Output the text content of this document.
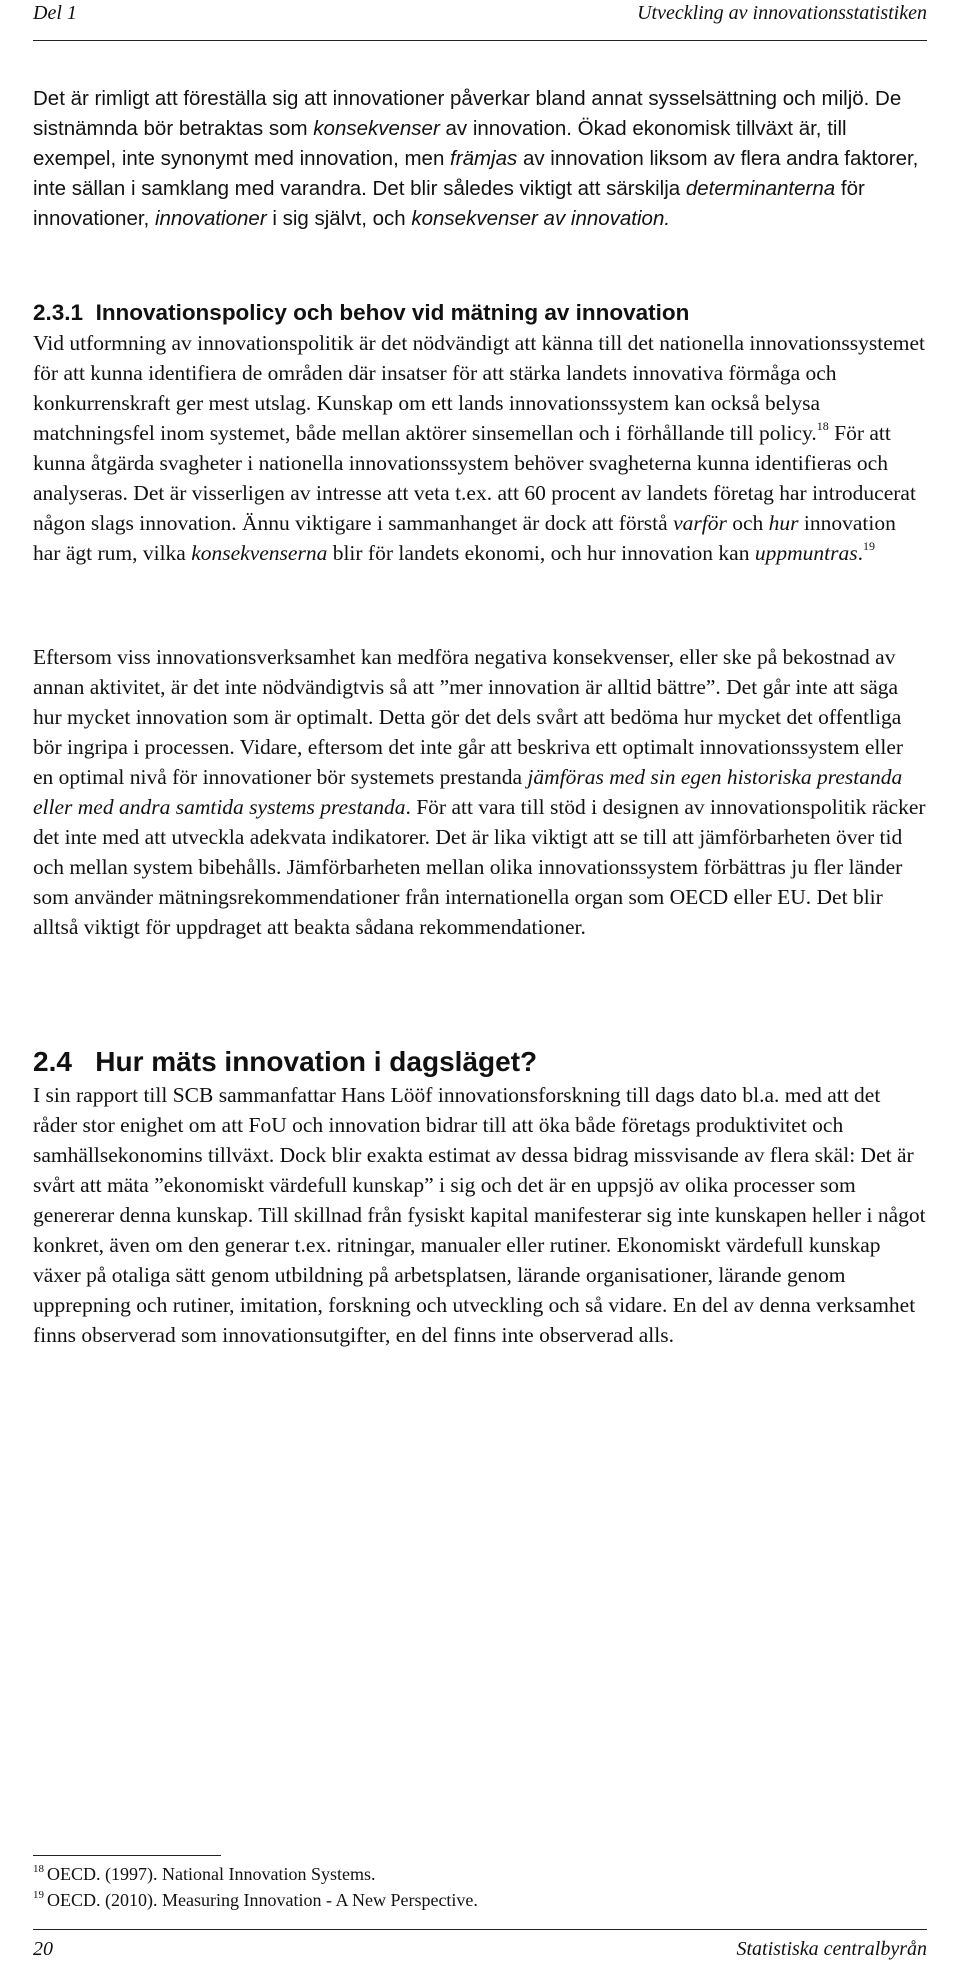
Del 1	Utveckling av innovationsstatistiken

Det är rimligt att föreställa sig att innovationer påverkar bland annat sysselsättning och miljö. De sistnämnda bör betraktas som konsekvenser av innovation. Ökad ekonomisk tillväxt är, till exempel, inte synonymt med innovation, men främjas av innovation liksom av flera andra faktorer, inte sällan i samklang med varandra. Det blir således viktigt att särskilja determinanterna för innovationer, innovationer i sig självt, och konsekvenser av innovation.

2.3.1 Innovationspolicy och behov vid mätning av innovation

Vid utformning av innovationspolitik är det nödvändigt att känna till det nationella innovationssystemet för att kunna identifiera de områden där insatser för att stärka landets innovativa förmåga och konkurrenskraft ger mest utslag. Kunskap om ett lands innovationssystem kan också belysa matchningsfel inom systemet, både mellan aktörer sinsemellan och i förhållande till policy.$^{18}$ För att kunna åtgärda svagheter i nationella innovationssystem behöver svagheterna kunna identifieras och analyseras. Det är visserligen av intresse att veta t.ex. att 60 procent av landets företag har introducerat någon slags innovation. Ännu viktigare i sammanhanget är dock att förstå varför och hur innovation har ägt rum, vilka konsekvenserna blir för landets ekonomi, och hur innovation kan uppmuntras.$^{19}$

Eftersom viss innovationsverksamhet kan medföra negativa konsekvenser, eller ske på bekostnad av annan aktivitet, är det inte nödvändigtvis så att ”mer innovation är alltid bättre”. Det går inte att säga hur mycket innovation som är optimalt. Detta gör det dels svårt att bedöma hur mycket det offentliga bör ingripa i processen. Vidare, eftersom det inte går att beskriva ett optimalt innovationssystem eller en optimal nivå för innovationer bör systemets prestanda jämföras med sin egen historiska prestanda eller med andra samtida systems prestanda. För att vara till stöd i designen av innovationspolitik räcker det inte med att utveckla adekvata indikatorer. Det är lika viktigt att se till att jämförbarheten över tid och mellan system bibehålls. Jämförbarheten mellan olika innovationssystem förbättras ju fler länder som använder mätningsrekommendationer från internationella organ som OECD eller EU. Det blir alltså viktigt för uppdraget att beakta sådana rekommendationer.

2.4 Hur mäts innovation i dagsläget?

I sin rapport till SCB sammanfattar Hans Lööf innovationsforskning till dags dato bl.a. med att det råder stor enighet om att FoU och innovation bidrar till att öka både företags produktivitet och samhällsekonomins tillväxt. Dock blir exakta estimat av dessa bidrag missvisande av flera skäl: Det är svårt att mäta ”ekonomiskt värdefull kunskap” i sig och det är en uppsjö av olika processer som genererar denna kunskap. Till skillnad från fysiskt kapital manifesterar sig inte kunskapen heller i något konkret, även om den generar t.ex. ritningar, manualer eller rutiner. Ekonomiskt värdefull kunskap växer på otaliga sätt genom utbildning på arbetsplatsen, lärande organisationer, lärande genom upprepning och rutiner, imitation, forskning och utveckling och så vidare. En del av denna verksamhet finns observerad som innovationsutgifter, en del finns inte observerad alls.

$^{18}$ OECD. (1997). National Innovation Systems.
$^{19}$ OECD. (2010). Measuring Innovation - A New Perspective.
20	Statistiska centralbyrån
